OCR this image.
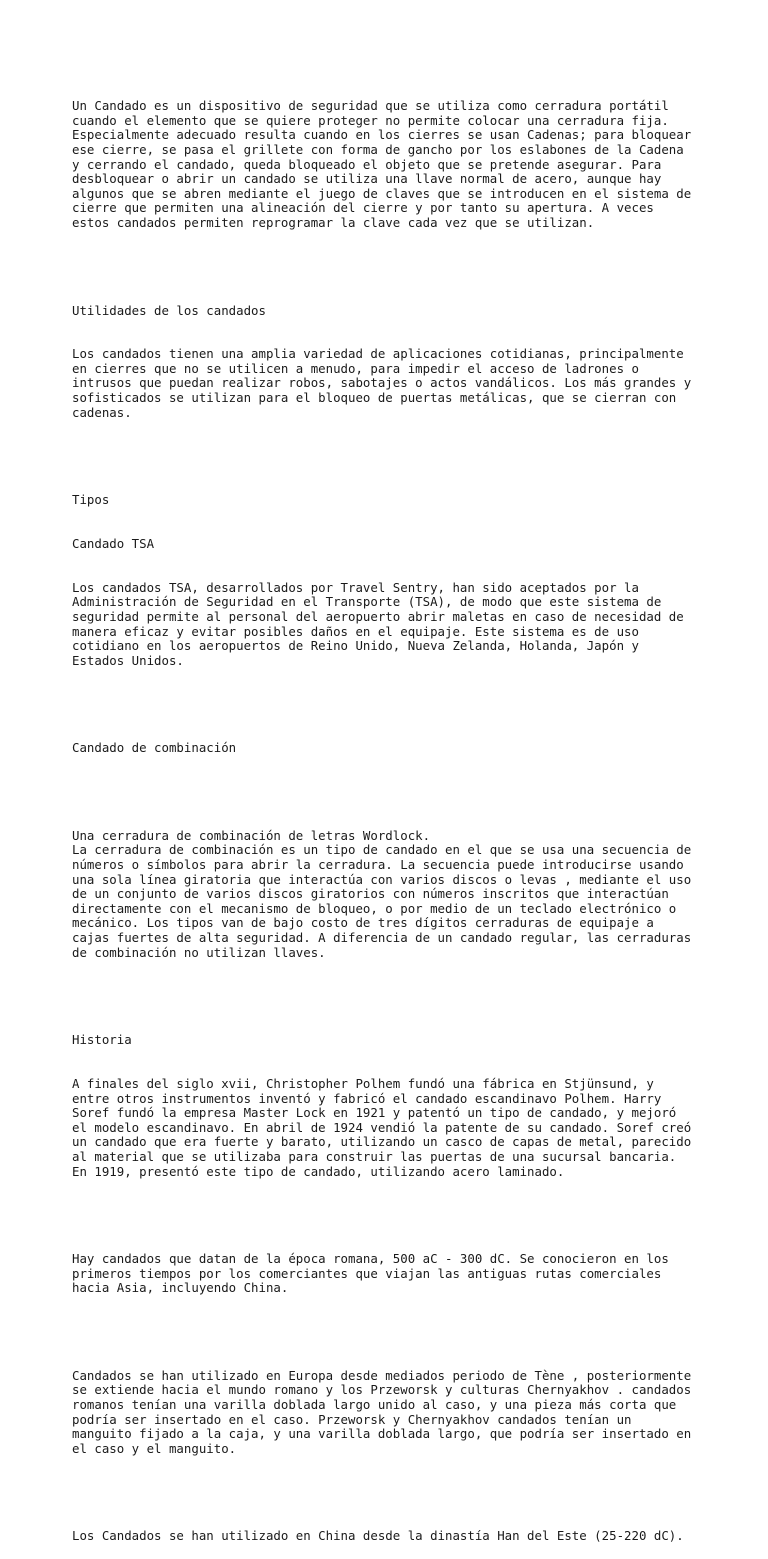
Un Candado es un dispositivo de seguridad que se utiliza como cerradura portátil
cuando el elemento que se quiere proteger no permite colocar una cerradura fija.
Especialmente adecuado resulta cuando en los cierres se usan Cadenas; para bloquear
ese cierre, se pasa el grillete con forma de gancho por los eslabones de la Cadena
y cerrando el candado, queda bloqueado el objeto que se pretende asegurar. Para
desbloquear o abrir un candado se utiliza una llave normal de acero, aunque hay
algunos que se abren mediante el juego de claves que se introducen en el sistema de
cierre que permiten una alineación del cierre y por tanto su apertura. A veces
estos candados permiten reprogramar la clave cada vez que se utilizan.

Utilidades de los candados

Los candados tienen una amplia variedad de aplicaciones cotidianas, principalmente
en cierres que no se utilicen a menudo, para impedir el acceso de ladrones o
intrusos que puedan realizar robos, sabotajes o actos vandálicos. Los más grandes y
sofisticados se utilizan para el bloqueo de puertas metálicas, que se cierran con
cadenas.

Tipos

Candado TSA

Los candados TSA, desarrollados por Travel Sentry, han sido aceptados por la
Administración de Seguridad en el Transporte (TSA), de modo que este sistema de
seguridad permite al personal del aeropuerto abrir maletas en caso de necesidad de
manera eficaz y evitar posibles daños en el equipaje. Este sistema es de uso
cotidiano en los aeropuertos de Reino Unido, Nueva Zelanda, Holanda, Japón y
Estados Unidos.

Candado de combinación

Una cerradura de combinación de letras Wordlock.
La cerradura de combinación es un tipo de candado en el que se usa una secuencia de
números o símbolos para abrir la cerradura. La secuencia puede introducirse usando
una sola línea giratoria que interactúa con varios discos o levas , mediante el uso
de un conjunto de varios discos giratorios con números inscritos que interactúan
directamente con el mecanismo de bloqueo, o por medio de un teclado electrónico o
mecánico. Los tipos van de bajo costo de tres dígitos cerraduras de equipaje a
cajas fuertes de alta seguridad. A diferencia de un candado regular, las cerraduras
de combinación no utilizan llaves.

Historia

A finales del siglo xvii, Christopher Polhem fundó una fábrica en Stjünsund, y
entre otros instrumentos inventó y fabricó el candado escandinavo Polhem. Harry
Soref fundó la empresa Master Lock en 1921 y patentó un tipo de candado, y mejoró
el modelo escandinavo. En abril de 1924 vendió la patente de su candado. Soref creó
un candado que era fuerte y barato, utilizando un casco de capas de metal, parecido
al material que se utilizaba para construir las puertas de una sucursal bancaria.
En 1919, presentó este tipo de candado, utilizando acero laminado.

Hay candados que datan de la época romana, 500 aC - 300 dC. Se conocieron en los
primeros tiempos por los comerciantes que viajan las antiguas rutas comerciales
hacia Asia, incluyendo China.

Candados se han utilizado en Europa desde mediados periodo de Tène , posteriormente
se extiende hacia el mundo romano y los Przeworsk y culturas Chernyakhov . candados
romanos tenían una varilla doblada largo unido al caso, y una pieza más corta que
podría ser insertado en el caso. Przeworsk y Chernyakhov candados tenían un
manguito fijado a la caja, y una varilla doblada largo, que podría ser insertado en
el caso y el manguito.

Los Candados se han utilizado en China desde la dinastía Han del Este (25-220 dC).
